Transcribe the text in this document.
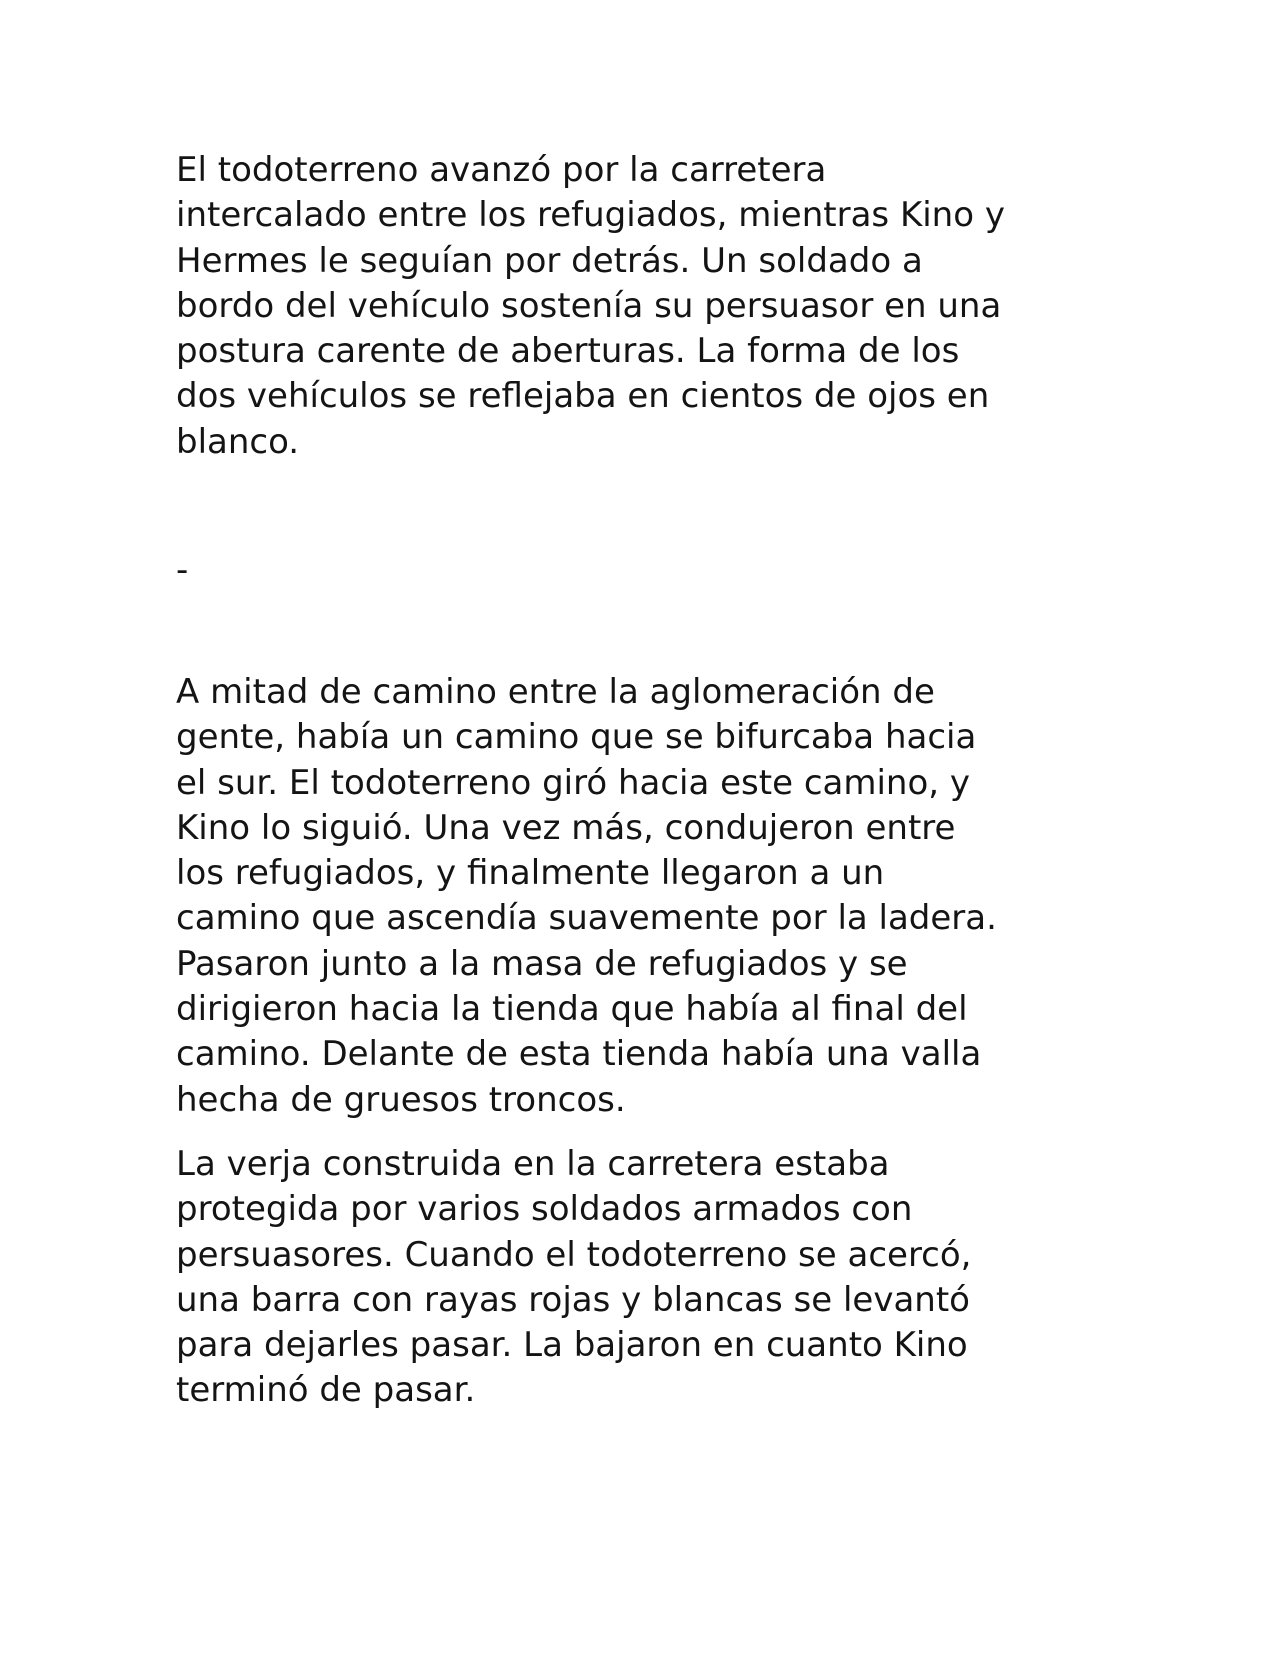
El todoterreno avanzó por la carretera
intercalado entre los refugiados, mientras Kino y
Hermes le seguían por detrás. Un soldado a
bordo del vehículo sostenía su persuasor en una
postura carente de aberturas. La forma de los
dos vehículos se reflejaba en cientos de ojos en
blanco.

-

A mitad de camino entre la aglomeración de
gente, había un camino que se bifurcaba hacia
el sur. El todoterreno giró hacia este camino, y
Kino lo siguió. Una vez más, condujeron entre
los refugiados, y finalmente llegaron a un
camino que ascendía suavemente por la ladera.
Pasaron junto a la masa de refugiados y se
dirigieron hacia la tienda que había al final del
camino. Delante de esta tienda había una valla
hecha de gruesos troncos.

La verja construida en la carretera estaba
protegida por varios soldados armados con
persuasores. Cuando el todoterreno se acercó,
una barra con rayas rojas y blancas se levantó
para dejarles pasar. La bajaron en cuanto Kino
terminó de pasar.
